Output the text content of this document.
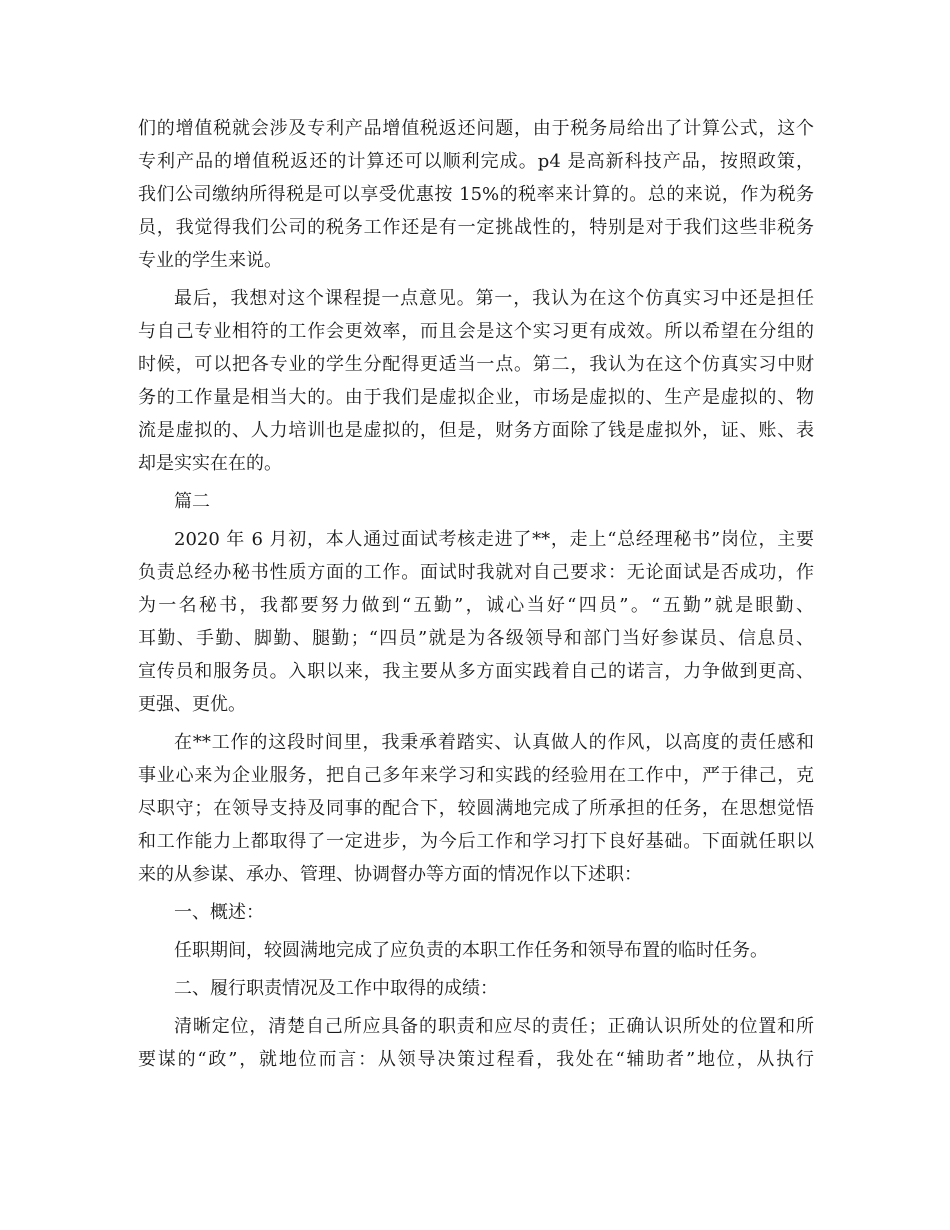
们的增值税就会涉及专利产品增值税返还问题，由于税务局给出了计算公式，这个
专利产品的增值税返还的计算还可以顺利完成。p4 是高新科技产品，按照政策，
我们公司缴纳所得税是可以享受优惠按 15%的税率来计算的。总的来说，作为税务
员，我觉得我们公司的税务工作还是有一定挑战性的，特别是对于我们这些非税务
专业的学生来说。
最后，我想对这个课程提一点意见。第一，我认为在这个仿真实习中还是担任
与自己专业相符的工作会更效率，而且会是这个实习更有成效。所以希望在分组的
时候，可以把各专业的学生分配得更适当一点。第二，我认为在这个仿真实习中财
务的工作量是相当大的。由于我们是虚拟企业，市场是虚拟的、生产是虚拟的、物
流是虚拟的、人力培训也是虚拟的，但是，财务方面除了钱是虚拟外，证、账、表
却是实实在在的。
篇二
2020 年 6 月初，本人通过面试考核走进了**，走上“总经理秘书”岗位，主要
负责总经办秘书性质方面的工作。面试时我就对自己要求：无论面试是否成功，作
为一名秘书，我都要努力做到“五勤”，诚心当好“四员”。“五勤”就是眼勤、
耳勤、手勤、脚勤、腿勤；“四员”就是为各级领导和部门当好参谋员、信息员、
宣传员和服务员。入职以来，我主要从多方面实践着自己的诺言，力争做到更高、
更强、更优。
在**工作的这段时间里，我秉承着踏实、认真做人的作风，以高度的责任感和
事业心来为企业服务，把自己多年来学习和实践的经验用在工作中，严于律己，克
尽职守；在领导支持及同事的配合下，较圆满地完成了所承担的任务，在思想觉悟
和工作能力上都取得了一定进步，为今后工作和学习打下良好基础。下面就任职以
来的从参谋、承办、管理、协调督办等方面的情况作以下述职：
一、概述：
任职期间，较圆满地完成了应负责的本职工作任务和领导布置的临时任务。
二、履行职责情况及工作中取得的成绩：
清晰定位，清楚自己所应具备的职责和应尽的责任；正确认识所处的位置和所
要谋的“政”，就地位而言：从领导决策过程看，我处在“辅助者”地位，从执行
